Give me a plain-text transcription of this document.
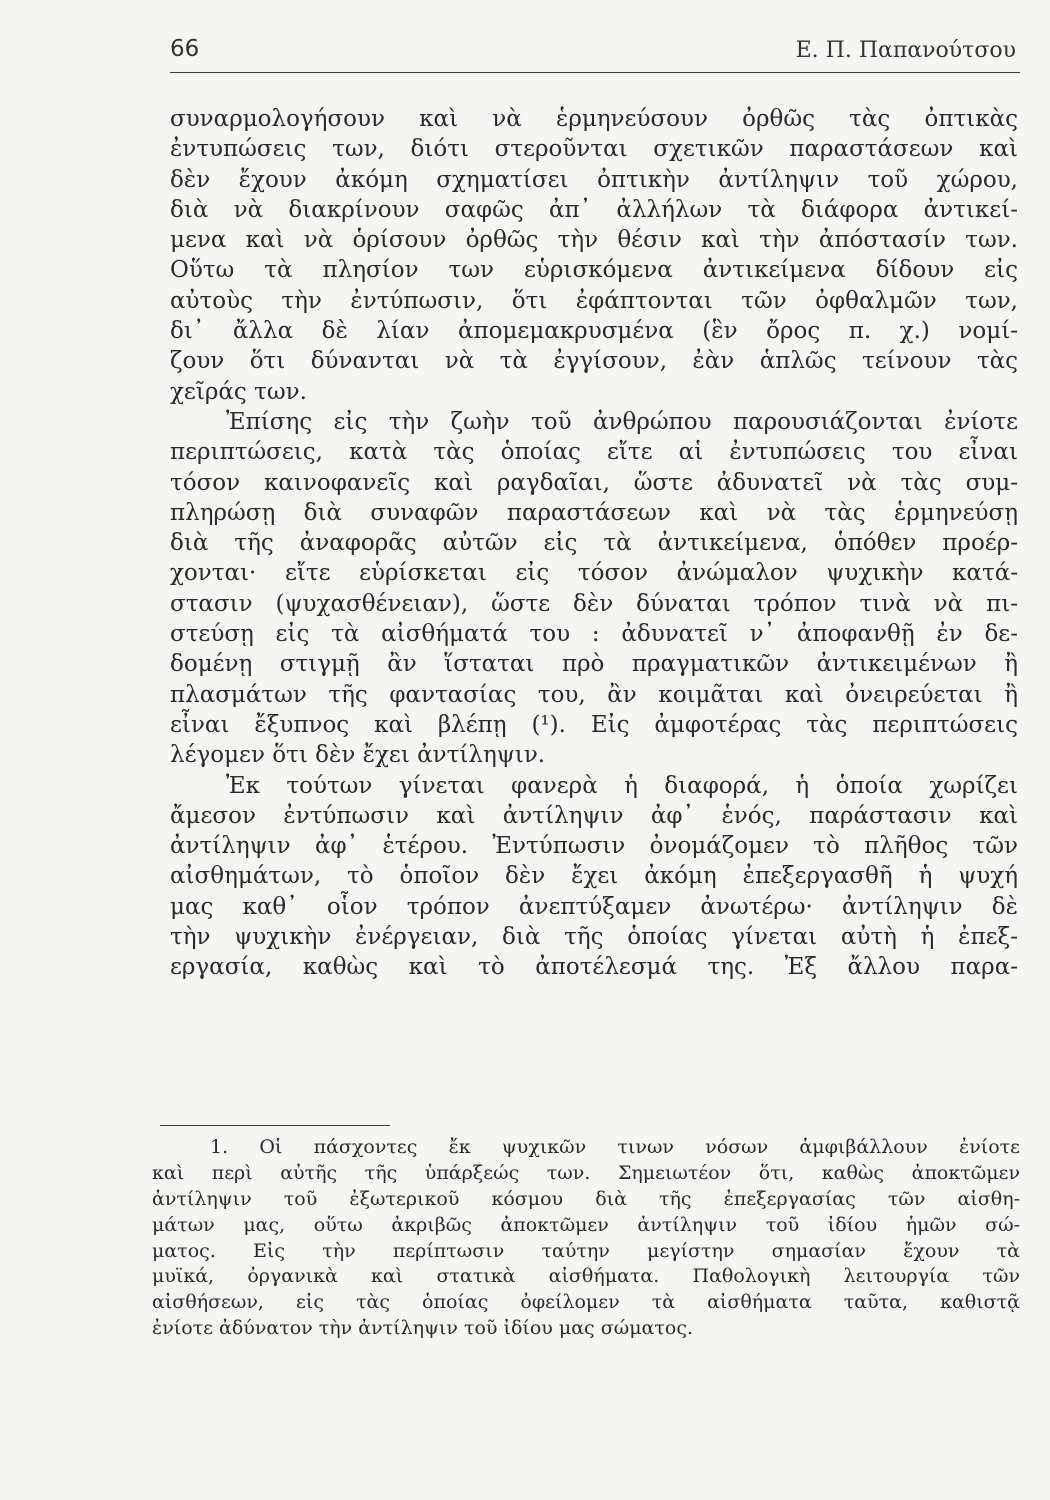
66	Ε. Π. Παπανούτσου
συναρμολογήσουν καὶ νὰ ἑρμηνεύσουν ὀρθῶς τὰς ὀπτικὰς
ἐντυπώσεις των, διότι στεροῦνται σχετικῶν παραστάσεων καὶ
δὲν ἔχουν ἀκόμη σχηματίσει ὀπτικὴν ἀντίληψιν τοῦ χώρου,
διὰ νὰ διακρίνουν σαφῶς ἀπ᾽ ἀλλήλων τὰ διάφορα ἀντικεί-
μενα καὶ νὰ ὁρίσουν ὀρθῶς τὴν θέσιν καὶ τὴν ἀπόστασίν των.
Οὕτω τὰ πλησίον των εὑρισκόμενα ἀντικείμενα δίδουν εἰς
αὐτοὺς τὴν ἐντύπωσιν, ὅτι ἐφάπτονται τῶν ὀφθαλμῶν των,
δι᾽ ἄλλα δὲ λίαν ἀπομεμακρυσμένα (ἓν ὄρος π. χ.) νομί-
ζουν ὅτι δύνανται νὰ τὰ ἐγγίσουν, ἐὰν ἁπλῶς τείνουν τὰς
χεῖράς των.
Ἐπίσης εἰς τὴν ζωὴν τοῦ ἀνθρώπου παρουσιάζονται ἐνίοτε
περιπτώσεις, κατὰ τὰς ὁποίας εἴτε αἱ ἐντυπώσεις του εἶναι
τόσον καινοφανεῖς καὶ ραγδαῖαι, ὥστε ἀδυνατεῖ νὰ τὰς συμ-
πληρώσῃ διὰ συναφῶν παραστάσεων καὶ νὰ τὰς ἑρμηνεύσῃ
διὰ τῆς ἀναφορᾶς αὐτῶν εἰς τὰ ἀντικείμενα, ὁπόθεν προέρ-
χονται· εἴτε εὑρίσκεται εἰς τόσον ἀνώμαλον ψυχικὴν κατά-
στασιν (ψυχασθένειαν), ὥστε δὲν δύναται τρόπον τινὰ νὰ πι-
στεύσῃ εἰς τὰ αἰσθήματά του : ἀδυνατεῖ ν᾽ ἀποφανθῇ ἐν δε-
δομένῃ στιγμῇ ἂν ἵσταται πρὸ πραγματικῶν ἀντικειμένων ἢ
πλασμάτων τῆς φαντασίας του, ἂν κοιμᾶται καὶ ὀνειρεύεται ἢ
εἶναι ἔξυπνος καὶ βλέπῃ (¹). Εἰς ἀμφοτέρας τὰς περιπτώσεις
λέγομεν ὅτι δὲν ἔχει ἀντίληψιν.
Ἐκ τούτων γίνεται φανερὰ ἡ διαφορά, ἡ ὁποία χωρίζει
ἄμεσον ἐντύπωσιν καὶ ἀντίληψιν ἀφ᾽ ἑνός, παράστασιν καὶ
ἀντίληψιν ἀφ᾽ ἑτέρου. Ἐντύπωσιν ὀνομάζομεν τὸ πλῆθος τῶν
αἰσθημάτων, τὸ ὁποῖον δὲν ἔχει ἀκόμη ἐπεξεργασθῆ ἡ ψυχή
μας καθ᾽ οἷον τρόπον ἀνεπτύξαμεν ἀνωτέρω· ἀντίληψιν δὲ
τὴν ψυχικὴν ἐνέργειαν, διὰ τῆς ὁποίας γίνεται αὐτὴ ἡ ἐπεξ-
εργασία, καθὼς καὶ τὸ ἀποτέλεσμά της. Ἐξ ἄλλου παρα-
1. Οἱ πάσχοντες ἔκ ψυχικῶν τινων νόσων ἀμφιβάλλουν ἐνίοτε
καὶ περὶ αὐτῆς τῆς ὑπάρξεώς των. Σημειωτέον ὅτι, καθὼς ἀποκτῶμεν
ἀντίληψιν τοῦ ἐξωτερικοῦ κόσμου διὰ τῆς ἐπεξεργασίας τῶν αἰσθη-
μάτων μας, οὕτω ἀκριβῶς ἀποκτῶμεν ἀντίληψιν τοῦ ἰδίου ἡμῶν σώ-
ματος. Εἰς τὴν περίπτωσιν ταύτην μεγίστην σημασίαν ἔχουν τὰ
μυϊκά, ὀργανικὰ καὶ στατικὰ αἰσθήματα. Παθολογικὴ λειτουργία τῶν
αἰσθήσεων, εἰς τὰς ὁποίας ὀφείλομεν τὰ αἰσθήματα ταῦτα, καθιστᾷ
ἐνίοτε ἀδύνατον τὴν ἀντίληψιν τοῦ ἰδίου μας σώματος.
